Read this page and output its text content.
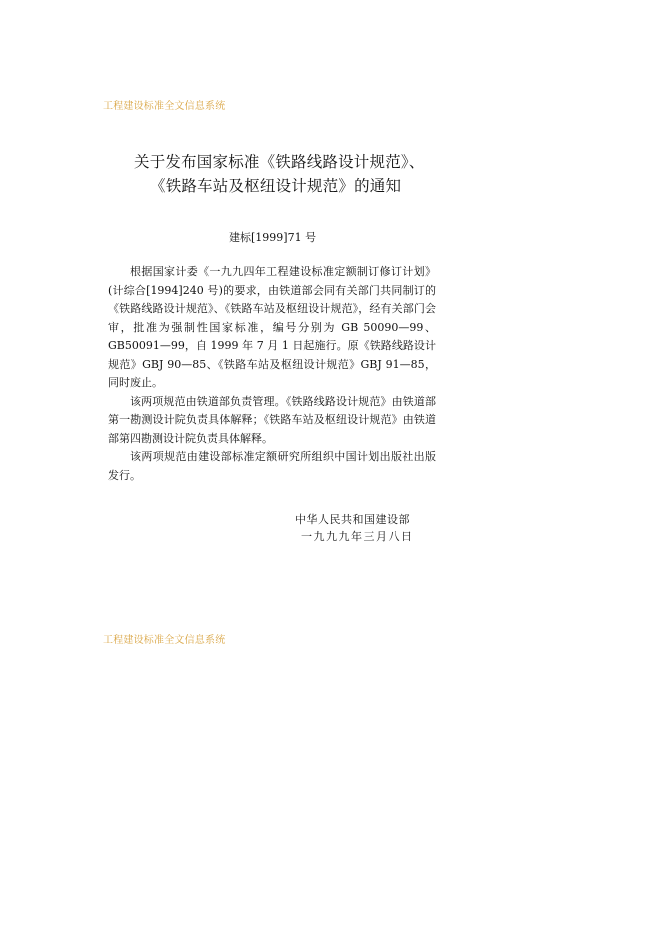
工程建设标准全文信息系统
关于发布国家标准《铁路线路设计规范》、
《铁路车站及枢纽设计规范》的通知
建标[1999]71 号

根据国家计委《一九九四年工程建设标准定额制订修订计划》(计综合[1994]240 号)的要求，由铁道部会同有关部门共同制订的《铁路线路设计规范》、《铁路车站及枢纽设计规范》，经有关部门会审，批准为强制性国家标准，编号分别为 GB 50090—99、GB50091—99，自 1999 年 7 月 1 日起施行。原《铁路线路设计规范》GBJ 90—85、《铁路车站及枢纽设计规范》GBJ 91—85，同时废止。

该两项规范由铁道部负责管理。《铁路线路设计规范》由铁道部第一勘测设计院负责具体解释；《铁路车站及枢纽设计规范》由铁道部第四勘测设计院负责具体解释。

该两项规范由建设部标准定额研究所组织中国计划出版社出版发行。

中华人民共和国建设部
一九九九年三月八日
工程建设标准全文信息系统
